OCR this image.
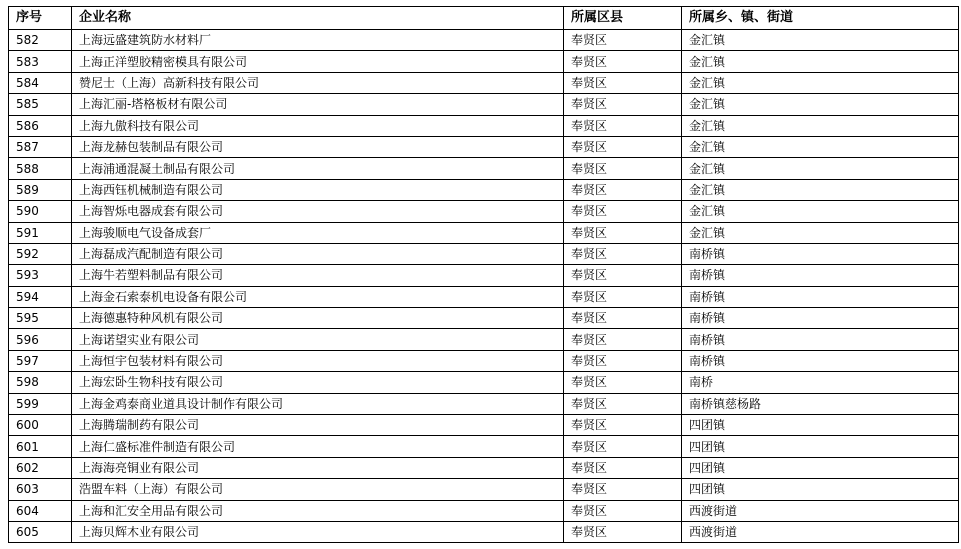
序号	企业名称	所属区县	所属乡、镇、街道
582	上海远盛建筑防水材料厂	奉贤区	金汇镇
583	上海正洋塑胶精密模具有限公司	奉贤区	金汇镇
584	赞尼士（上海）高新科技有限公司	奉贤区	金汇镇
585	上海汇丽-塔格板材有限公司	奉贤区	金汇镇
586	上海九傲科技有限公司	奉贤区	金汇镇
587	上海龙赫包装制品有限公司	奉贤区	金汇镇
588	上海浦通混凝土制品有限公司	奉贤区	金汇镇
589	上海西钰机械制造有限公司	奉贤区	金汇镇
590	上海智烁电器成套有限公司	奉贤区	金汇镇
591	上海骏顺电气设备成套厂	奉贤区	金汇镇
592	上海磊成汽配制造有限公司	奉贤区	南桥镇
593	上海牛若塑料制品有限公司	奉贤区	南桥镇
594	上海金石索泰机电设备有限公司	奉贤区	南桥镇
595	上海德惠特种风机有限公司	奉贤区	南桥镇
596	上海诺望实业有限公司	奉贤区	南桥镇
597	上海恒宇包装材料有限公司	奉贤区	南桥镇
598	上海宏卧生物科技有限公司	奉贤区	南桥
599	上海金鸡泰商业道具设计制作有限公司	奉贤区	南桥镇慈杨路
600	上海腾瑞制药有限公司	奉贤区	四团镇
601	上海仁盛标准件制造有限公司	奉贤区	四团镇
602	上海海亮铜业有限公司	奉贤区	四团镇
603	浩盟车料（上海）有限公司	奉贤区	四团镇
604	上海和汇安全用品有限公司	奉贤区	西渡街道
605	上海贝辉木业有限公司	奉贤区	西渡街道
